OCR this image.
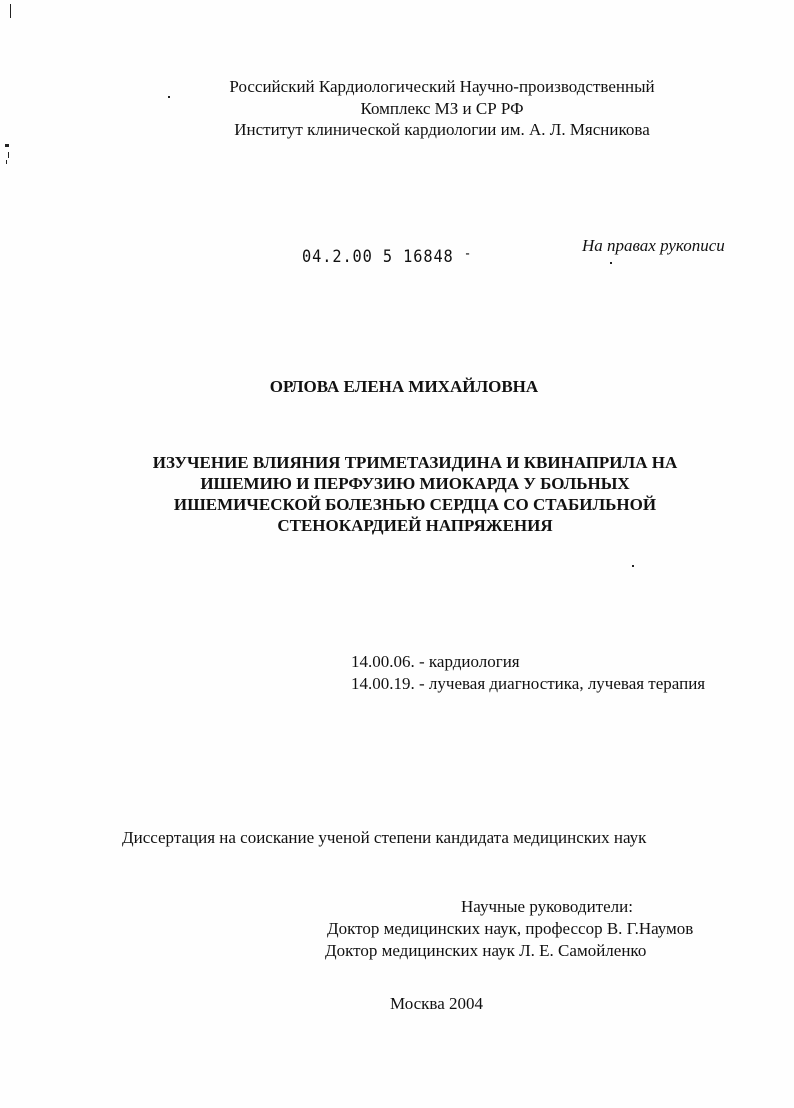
Российский Кардиологический Научно-производственный
Комплекс МЗ и СР РФ
Институт клинической кардиологии им. А. Л. Мясникова
04.2.00 5 16848 -	На правах рукописи
ОРЛОВА ЕЛЕНА МИХАЙЛОВНА
ИЗУЧЕНИЕ ВЛИЯНИЯ ТРИМЕТАЗИДИНА И КВИНАПРИЛА НА
ИШЕМИЮ И ПЕРФУЗИЮ МИОКАРДА У БОЛЬНЫХ
ИШЕМИЧЕСКОЙ БОЛЕЗНЬЮ СЕРДЦА СО СТАБИЛЬНОЙ
СТЕНОКАРДИЕЙ НАПРЯЖЕНИЯ
14.00.06. - кардиология
14.00.19. - лучевая диагностика, лучевая терапия
Диссертация на соискание ученой степени кандидата медицинских наук
Научные руководители:
Доктор медицинских наук, профессор В. Г.Наумов
Доктор медицинских наук Л. Е. Самойленко
Москва 2004
